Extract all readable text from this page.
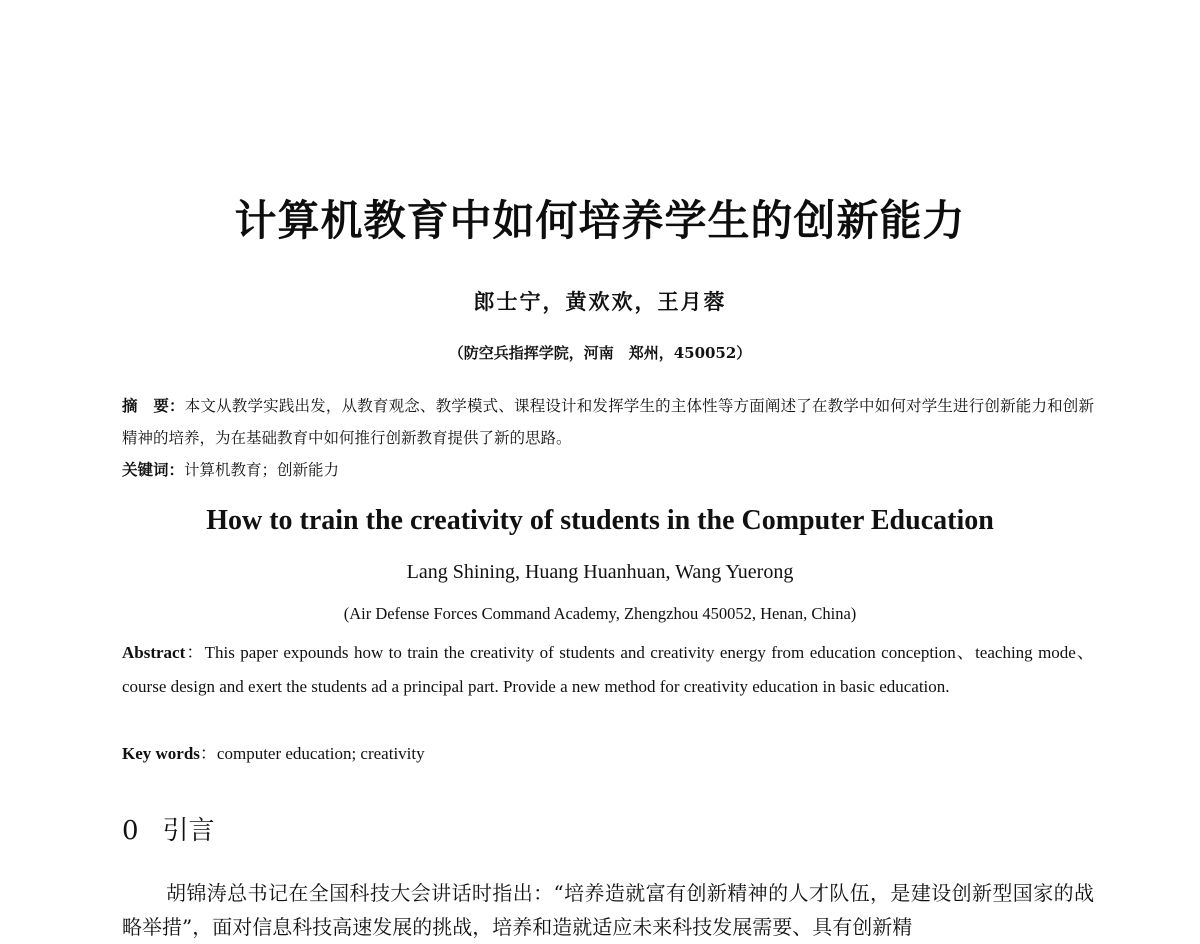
计算机教育中如何培养学生的创新能力
郎士宁，黄欢欢，王月蓉
（防空兵指挥学院，河南　郑州，450052）
摘　要：本文从教学实践出发，从教育观念、教学模式、课程设计和发挥学生的主体性等方面阐述了在教学中如何对学生进行创新能力和创新精神的培养，为在基础教育中如何推行创新教育提供了新的思路。
关键词：计算机教育；创新能力
How to train the creativity of students in the Computer Education
Lang Shining, Huang Huanhuan, Wang Yuerong
(Air Defense Forces Command Academy, Zhengzhou 450052, Henan, China)
Abstract：This paper expounds how to train the creativity of students and creativity energy from education conception、teaching mode、course design and exert the students ad a principal part. Provide a new method for creativity education in basic education.
Key words：computer education; creativity
0 引言
胡锦涛总书记在全国科技大会讲话时指出：“培养造就富有创新精神的人才队伍，是建设创新型国家的战略举措”，面对信息科技高速发展的挑战，培养和造就适应未来科技发展需要、具有创新精
